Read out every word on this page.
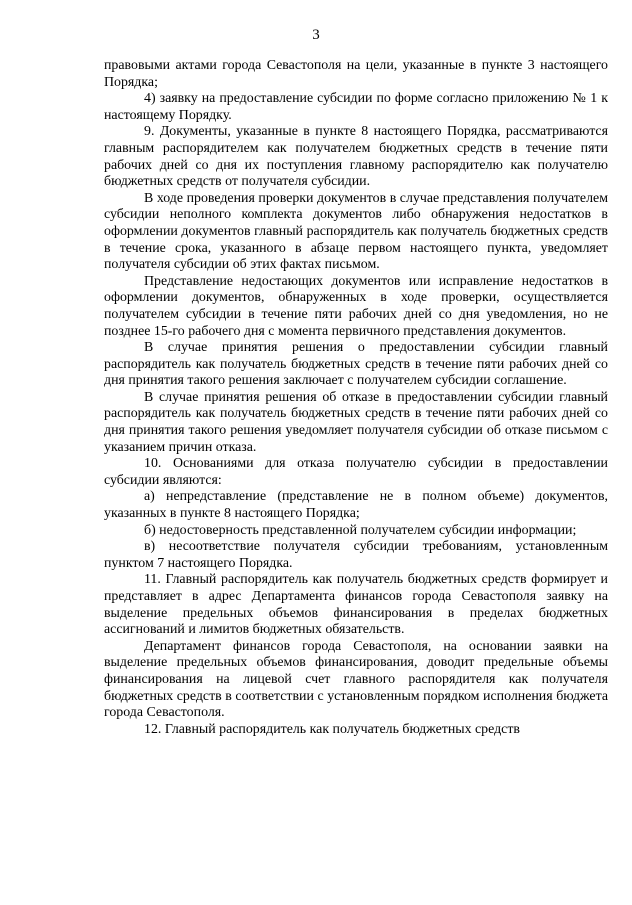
3

правовыми актами города Севастополя на цели, указанные в пункте 3 настоящего Порядка;

4) заявку на предоставление субсидии по форме согласно приложению № 1 к настоящему Порядку.

9. Документы, указанные в пункте 8 настоящего Порядка, рассматриваются главным распорядителем как получателем бюджетных средств в течение пяти рабочих дней со дня их поступления главному распорядителю как получателю бюджетных средств от получателя субсидии.

В ходе проведения проверки документов в случае представления получателем субсидии неполного комплекта документов либо обнаружения недостатков в оформлении документов главный распорядитель как получатель бюджетных средств в течение срока, указанного в абзаце первом настоящего пункта, уведомляет получателя субсидии об этих фактах письмом.

Представление недостающих документов или исправление недостатков в оформлении документов, обнаруженных в ходе проверки, осуществляется получателем субсидии в течение пяти рабочих дней со дня уведомления, но не позднее 15-го рабочего дня с момента первичного представления документов.

В случае принятия решения о предоставлении субсидии главный распорядитель как получатель бюджетных средств в течение пяти рабочих дней со дня принятия такого решения заключает с получателем субсидии соглашение.

В случае принятия решения об отказе в предоставлении субсидии главный распорядитель как получатель бюджетных средств в течение пяти рабочих дней со дня принятия такого решения уведомляет получателя субсидии об отказе письмом с указанием причин отказа.

10. Основаниями для отказа получателю субсидии в предоставлении субсидии являются:

а) непредставление (представление не в полном объеме) документов, указанных в пункте 8 настоящего Порядка;

б) недостоверность представленной получателем субсидии информации;

в) несоответствие получателя субсидии требованиям, установленным пунктом 7 настоящего Порядка.

11. Главный распорядитель как получатель бюджетных средств формирует и представляет в адрес Департамента финансов города Севастополя заявку на выделение предельных объемов финансирования в пределах бюджетных ассигнований и лимитов бюджетных обязательств.

Департамент финансов города Севастополя, на основании заявки на выделение предельных объемов финансирования, доводит предельные объемы финансирования на лицевой счет главного распорядителя как получателя бюджетных средств в соответствии с установленным порядком исполнения бюджета города Севастополя.

12. Главный распорядитель как получатель бюджетных средств
